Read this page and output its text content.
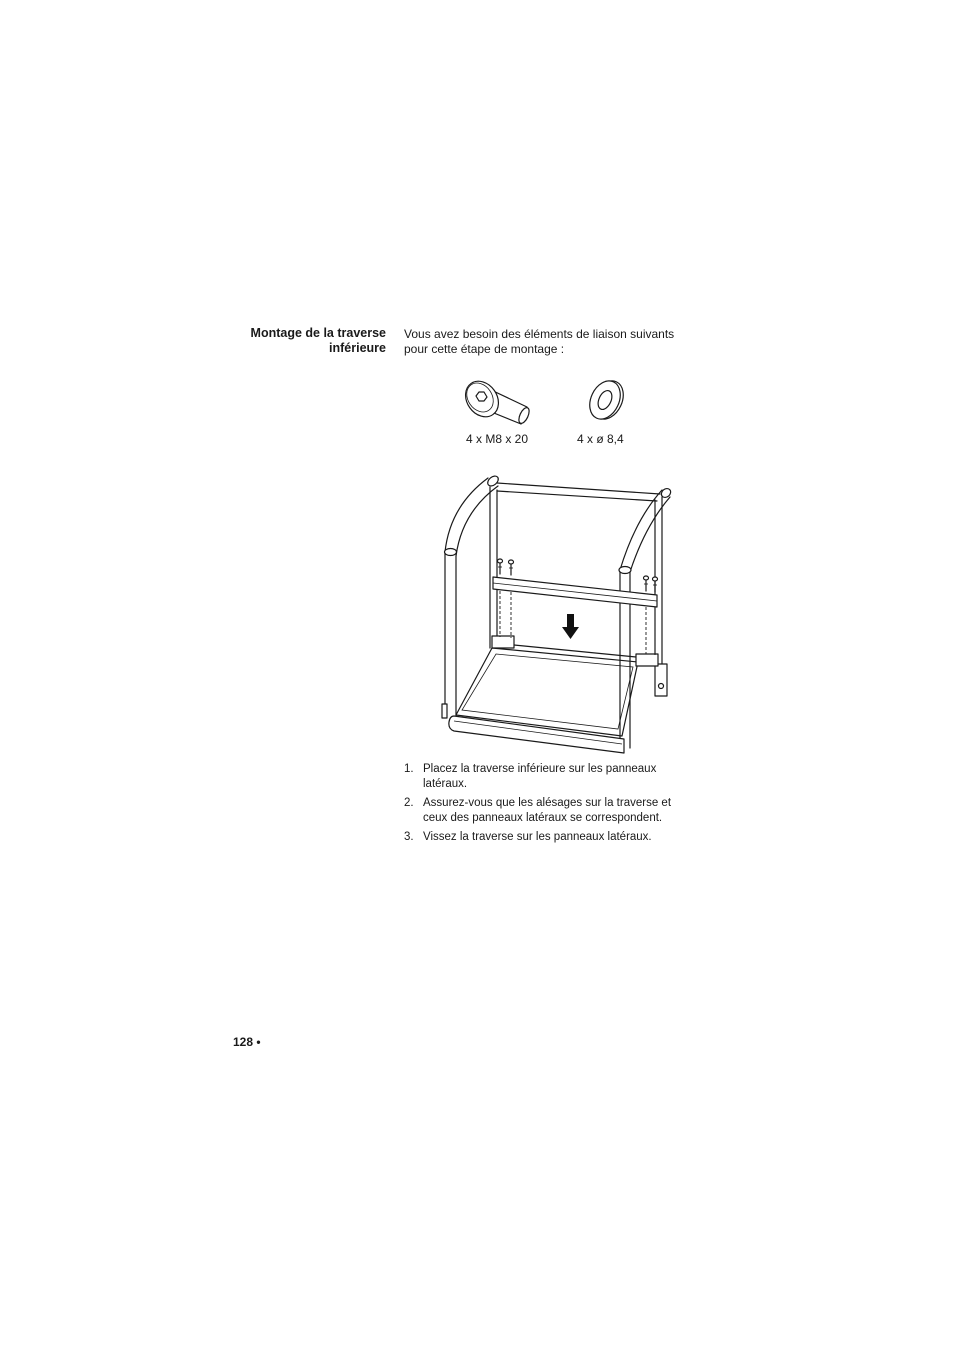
Montage de la traverse
inférieure
Vous avez besoin des éléments de liaison suivants
pour cette étape de montage :
4 x M8 x 20	4 x ø 8,4
1. Placez la traverse inférieure sur les panneaux
latéraux.
2. Assurez-vous que les alésages sur la traverse et
ceux des panneaux latéraux se correspondent.
3. Vissez la traverse sur les panneaux latéraux.
128 •
